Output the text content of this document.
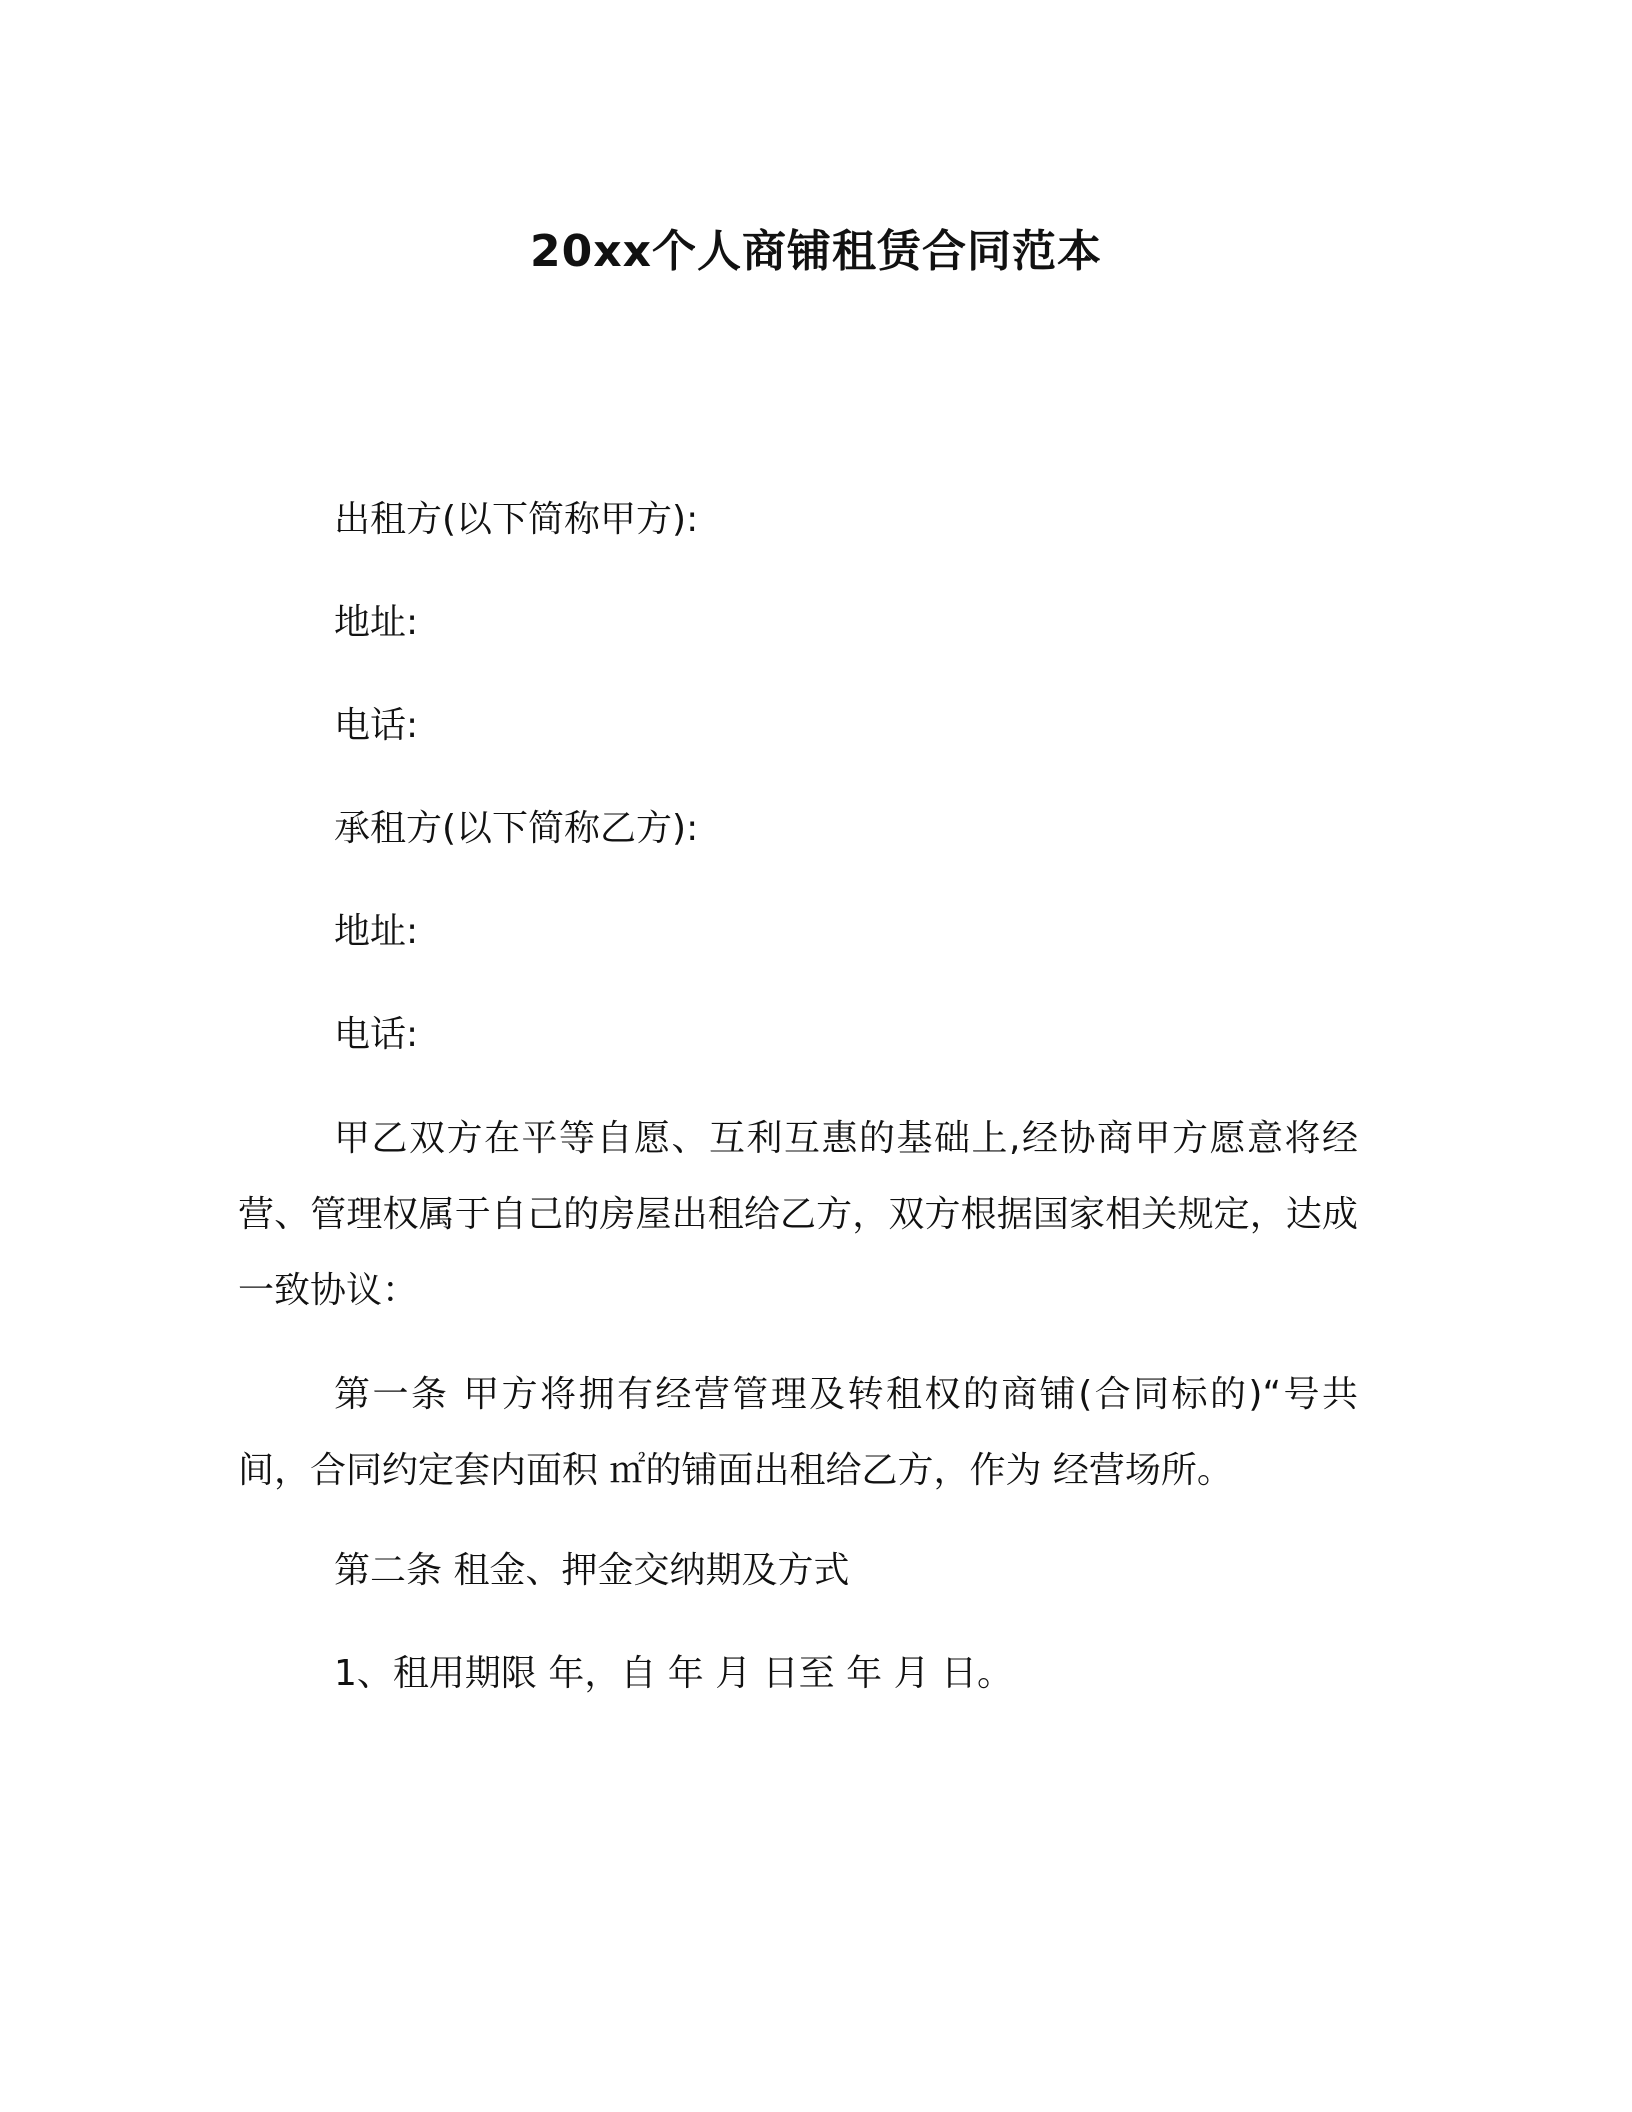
20xx个人商铺租赁合同范本
出租方(以下简称甲方):
地址:
电话:
承租方(以下简称乙方):
地址:
电话:
甲乙双方在平等自愿、互利互惠的基础上,经协商甲方愿意将经营、管理权属于自己的房屋出租给乙方，双方根据国家相关规定，达成一致协议：
第一条 甲方将拥有经营管理及转租权的商铺(合同标的)“号共间，合同约定套内面积 ㎡的铺面出租给乙方，作为 经营场所。
第二条 租金、押金交纳期及方式
1、租用期限 年，自 年 月 日至 年 月 日。
